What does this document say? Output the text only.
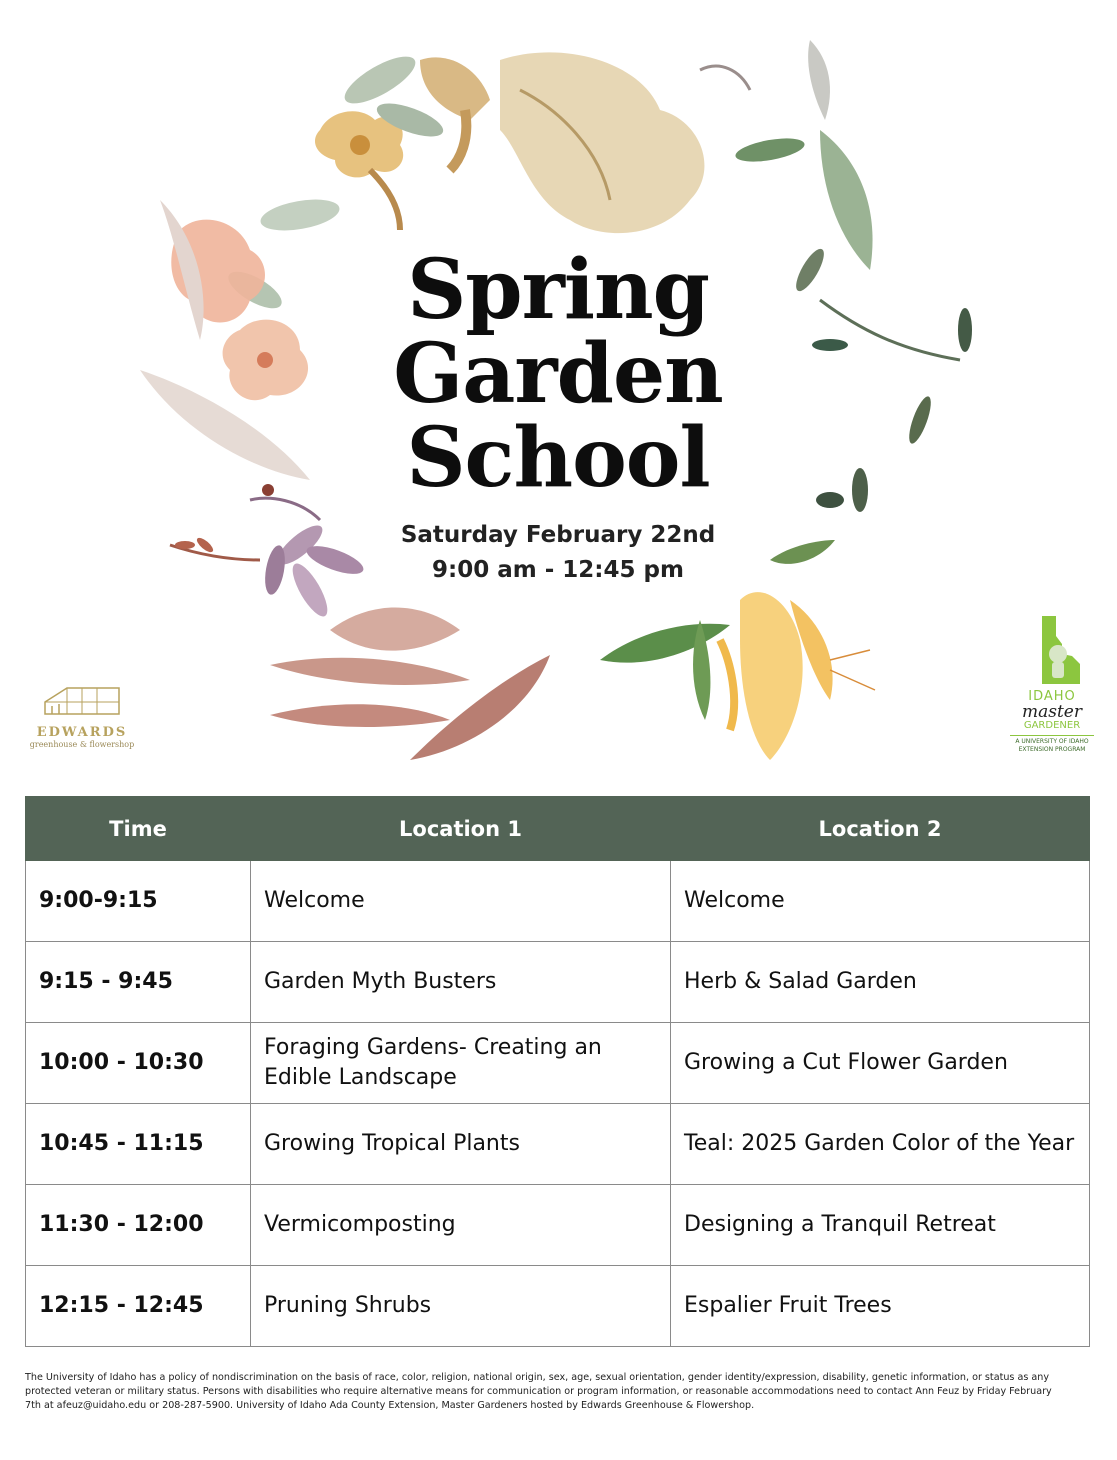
Spring
Garden
School
Saturday February 22nd
9:00 am - 12:45 pm
EDWARDS
greenhouse & flowershop
IDAHO
master
GARDENER
A UNIVERSITY OF IDAHO
EXTENSION PROGRAM
Time	Location 1	Location 2
9:00-9:15	Welcome	Welcome
9:15 - 9:45	Garden Myth Busters	Herb & Salad Garden
10:00 - 10:30	Foraging Gardens- Creating an Edible Landscape	Growing a Cut Flower Garden
10:45 - 11:15	Growing Tropical Plants	Teal: 2025 Garden Color of the Year
11:30 - 12:00	Vermicomposting	Designing a Tranquil Retreat
12:15 - 12:45	Pruning Shrubs	Espalier Fruit Trees
The University of Idaho has a policy of nondiscrimination on the basis of race, color, religion, national origin, sex, age, sexual orientation, gender identity/expression, disability, genetic information, or status as any protected veteran or military status. Persons with disabilities who require alternative means for communication or program information, or reasonable accommodations need to contact Ann Feuz by Friday February 7th at afeuz@uidaho.edu or 208-287-5900. University of Idaho Ada County Extension, Master Gardeners hosted by Edwards Greenhouse & Flowershop.
